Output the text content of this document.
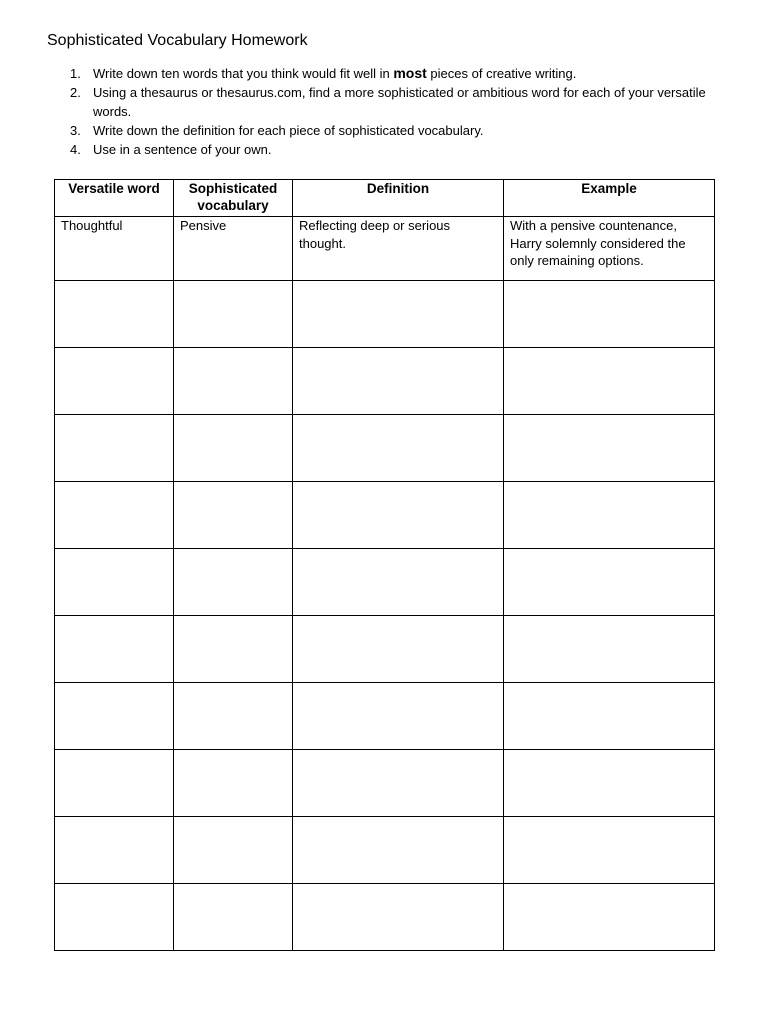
Sophisticated Vocabulary Homework
1. Write down ten words that you think would fit well in most pieces of creative writing.
2. Using a thesaurus or thesaurus.com, find a more sophisticated or ambitious word for each of your versatile words.
3. Write down the definition for each piece of sophisticated vocabulary.
4. Use in a sentence of your own.
Versatile word	Sophisticated vocabulary	Definition	Example
Thoughtful	Pensive	Reflecting deep or serious thought.	With a pensive countenance, Harry solemnly considered the only remaining options.
